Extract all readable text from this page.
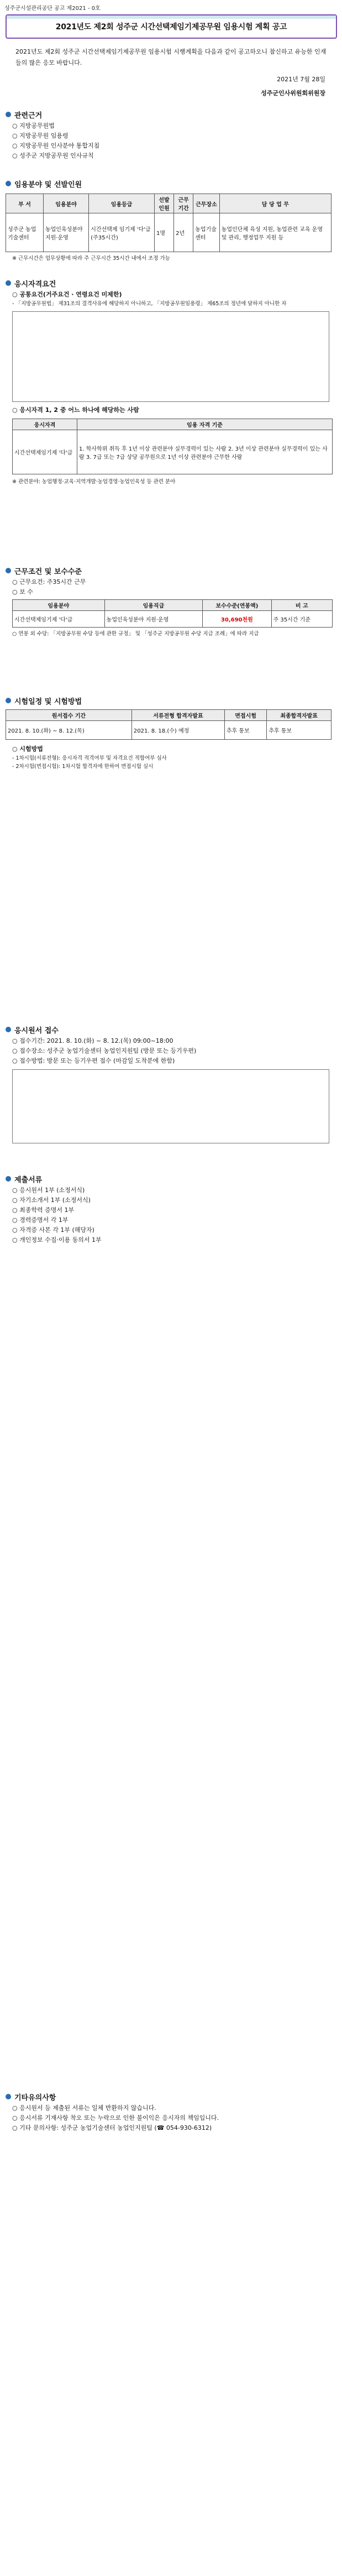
성주군시설관리공단 공고 제2021 - 0호
2021년도 제2회 성주군 시간선택제임기제공무원 임용시험 계획 공고
2021년도 제2회 성주군 시간선택제임기제공무원 임용시험 시행계획을 다음과 같이 공고하오니 참신하고 유능한 인재들의 많은 응모 바랍니다.
2021년 7월 28일
성주군인사위원회위원장
관련근거
○ 지방공무원법
○ 지방공무원 임용령
○ 지방공무원 인사분야 통합지침
○ 성주군 지방공무원 인사규칙
임용분야 및 선발인원
부 서	임용분야	임용등급	선발인원	근무기간	근무장소	담 당 업 무
성주군 농업기술센터	농업인육성분야 지원·운영	시간선택제 임기제 '다'급 (주35시간)	1명	2년	농업기술센터	농업인단체 육성 지원, 농업관련 교육 운영 및 관리, 행정업무 지원 등
※ 근무시간은 업무상황에 따라 주 근무시간 35시간 내에서 조정 가능
응시자격요건
○ 공통요건(거주요건 · 연령요건 미제한)
- 「지방공무원법」 제31조의 결격사유에 해당하지 아니하고, 「지방공무원임용령」 제65조의 정년에 달하지 아니한 자
○ 응시자격 1, 2 중 어느 하나에 해당하는 사람
응시자격	임용 자격 기준
시간선택제임기제 '다'급	1. 학사학위 취득 후 1년 이상 관련분야 실무경력이 있는 사람 2. 3년 이상 관련분야 실무경력이 있는 사람 3. 7급 또는 7급 상당 공무원으로 1년 이상 관련분야 근무한 사람
※ 관련분야: 농업행정·교육·지역개발·농업경영·농업인육성 등 관련 분야
근무조건 및 보수수준
○ 근무요건: 주35시간 근무
○ 보 수
임용분야	임용직급	보수수준(연봉액)	비 고
시간선택제임기제 '다'급	농업인육성분야 지원·운영	30,690천원	주 35시간 기준
○ 연봉 외 수당: 「지방공무원 수당 등에 관한 규정」 및 「성주군 지방공무원 수당 지급 조례」에 따라 지급
시험일정 및 시험방법
원서접수 기간	서류전형 합격자발표	면접시험	최종합격자발표
2021. 8. 10.(화) ~ 8. 12.(목)	2021. 8. 18.(수) 예정	추후 통보	추후 통보
○ 시험방법
- 1차시험(서류전형): 응시자격 적격여부 및 자격요건 적합여부 심사
- 2차시험(면접시험): 1차시험 합격자에 한하여 면접시험 실시
응시원서 접수
○ 접수기간: 2021. 8. 10.(화) ~ 8. 12.(목) 09:00~18:00
○ 접수장소: 성주군 농업기술센터 농업인지원팀 (방문 또는 등기우편)
○ 접수방법: 방문 또는 등기우편 접수 (마감일 도착분에 한함)
제출서류
○ 응시원서 1부 (소정서식)
○ 자기소개서 1부 (소정서식)
○ 최종학력 증명서 1부
○ 경력증명서 각 1부
○ 자격증 사본 각 1부 (해당자)
○ 개인정보 수집·이용 동의서 1부
기타유의사항
○ 응시원서 등 제출된 서류는 일체 반환하지 않습니다.
○ 응시서류 기재사항 착오 또는 누락으로 인한 불이익은 응시자의 책임입니다.
○ 기타 문의사항: 성주군 농업기술센터 농업인지원팀 (☎ 054-930-6312)
